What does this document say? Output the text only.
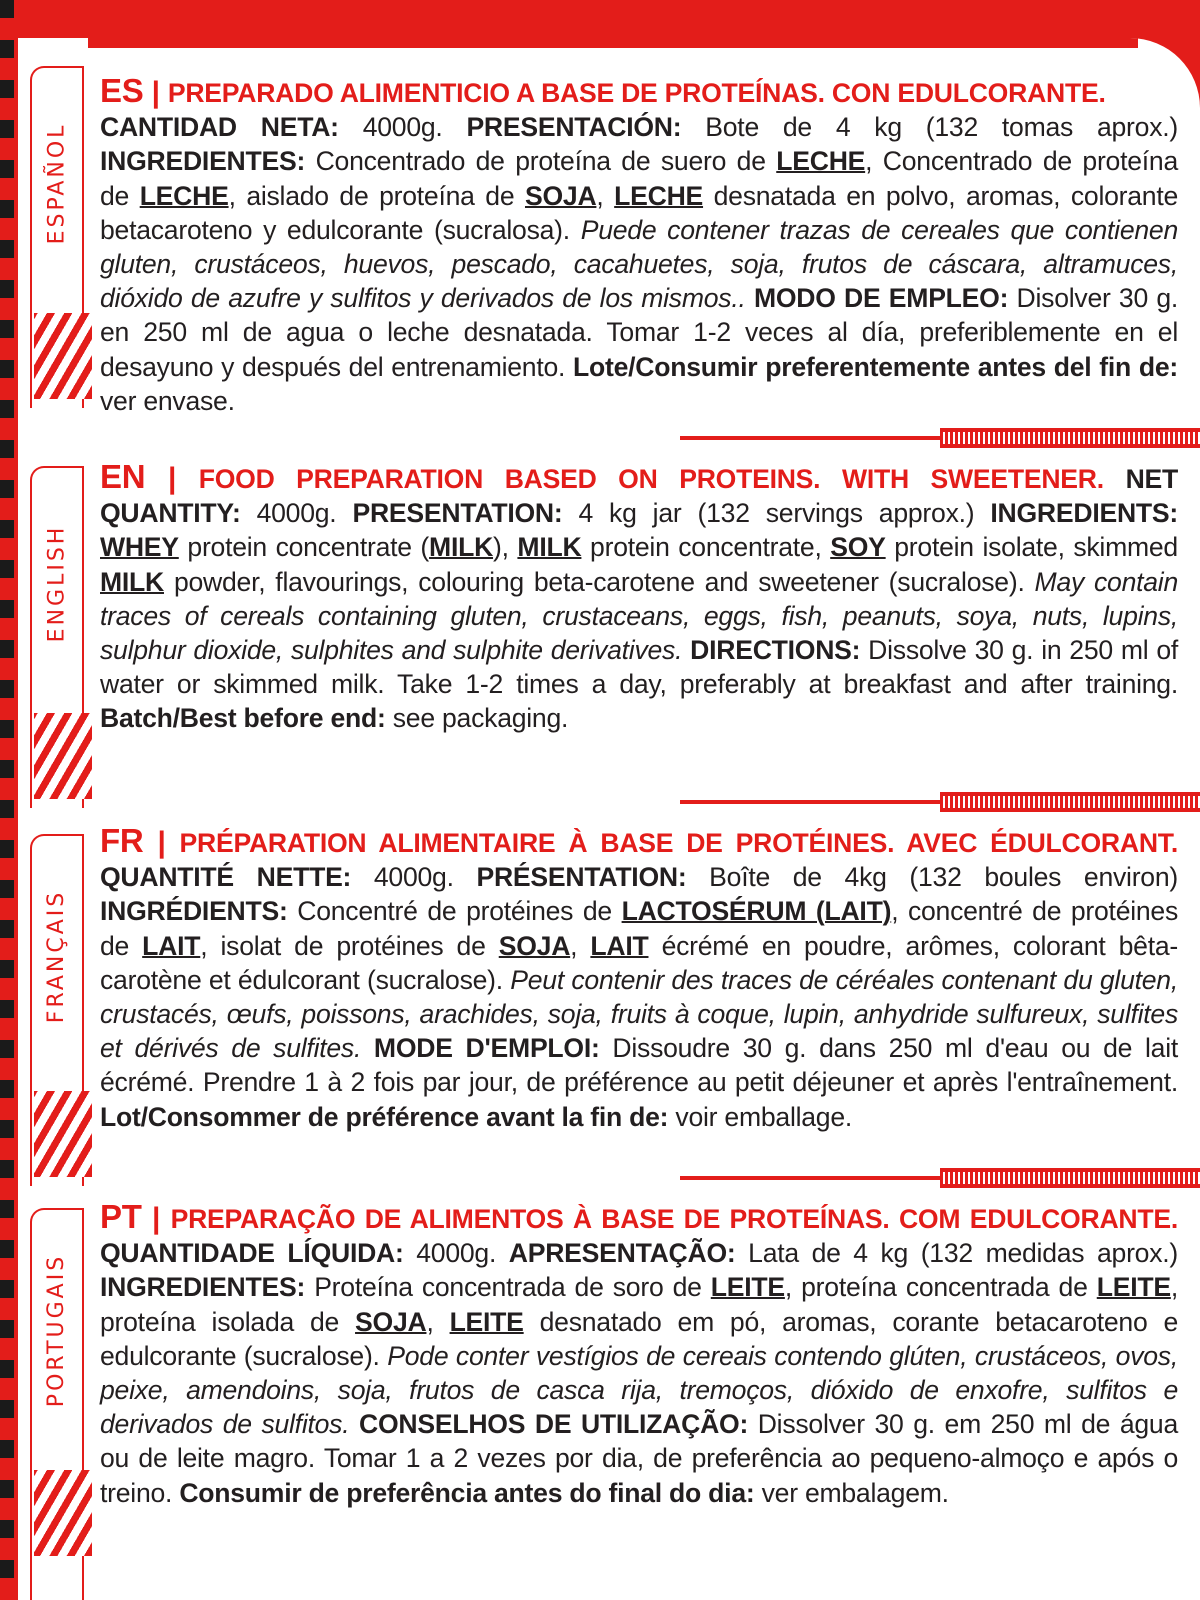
ESPAÑOL
ES | PREPARADO ALIMENTICIO A BASE DE PROTEÍNAS. CON EDULCORANTE.
CANTIDAD NETA: 4000g. PRESENTACIÓN: Bote de 4 kg (132 tomas aprox.) INGREDIENTES: Concentrado de proteína de suero de LECHE, Concentrado de proteína de LECHE, aislado de proteína de SOJA, LECHE desnatada en polvo, aromas, colorante betacaroteno y edulcorante (sucralosa). Puede contener trazas de cereales que contienen gluten, crustáceos, huevos, pescado, cacahuetes, soja, frutos de cáscara, altramuces, dióxido de azufre y sulfitos y derivados de los mismos.. MODO DE EMPLEO: Disolver 30 g. en 250 ml de agua o leche desnatada. Tomar 1-2 veces al día, preferiblemente en el desayuno y después del entrenamiento. Lote/Consumir preferentemente antes del fin de: ver envase.
ENGLISH
EN | FOOD PREPARATION BASED ON PROTEINS. WITH SWEETENER. NET QUANTITY: 4000g. PRESENTATION: 4 kg jar (132 servings approx.) INGREDIENTS: WHEY protein concentrate (MILK), MILK protein concentrate, SOY protein isolate, skimmed MILK powder, flavourings, colouring beta-carotene and sweetener (sucralose). May contain traces of cereals containing gluten, crustaceans, eggs, fish, peanuts, soya, nuts, lupins, sulphur dioxide, sulphites and sulphite derivatives. DIRECTIONS: Dissolve 30 g. in 250 ml of water or skimmed milk. Take 1-2 times a day, preferably at breakfast and after training. Batch/Best before end: see packaging.
FRANÇAIS
FR | PRÉPARATION ALIMENTAIRE À BASE DE PROTÉINES. AVEC ÉDULCORANT. QUANTITÉ NETTE: 4000g. PRÉSENTATION: Boîte de 4kg (132 boules environ) INGRÉDIENTS: Concentré de protéines de LACTOSÉRUM (LAIT), concentré de protéines de LAIT, isolat de protéines de SOJA, LAIT écrémé en poudre, arômes, colorant bêta-carotène et édulcorant (sucralose). Peut contenir des traces de céréales contenant du gluten, crustacés, œufs, poissons, arachides, soja, fruits à coque, lupin, anhydride sulfureux, sulfites et dérivés de sulfites. MODE D'EMPLOI: Dissoudre 30 g. dans 250 ml d'eau ou de lait écrémé. Prendre 1 à 2 fois par jour, de préférence au petit déjeuner et après l'entraînement. Lot/Consommer de préférence avant la fin de: voir emballage.
PORTUGAIS
PT | PREPARAÇÃO DE ALIMENTOS À BASE DE PROTEÍNAS. COM EDULCORANTE. QUANTIDADE LÍQUIDA: 4000g. APRESENTAÇÃO: Lata de 4 kg (132 medidas aprox.) INGREDIENTES: Proteína concentrada de soro de LEITE, proteína concentrada de LEITE, proteína isolada de SOJA, LEITE desnatado em pó, aromas, corante betacaroteno e edulcorante (sucralose). Pode conter vestígios de cereais contendo glúten, crustáceos, ovos, peixe, amendoins, soja, frutos de casca rija, tremoços, dióxido de enxofre, sulfitos e derivados de sulfitos. CONSELHOS DE UTILIZAÇÃO: Dissolver 30 g. em 250 ml de água ou de leite magro. Tomar 1 a 2 vezes por dia, de preferência ao pequeno-almoço e após o treino. Consumir de preferência antes do final do dia: ver embalagem.
